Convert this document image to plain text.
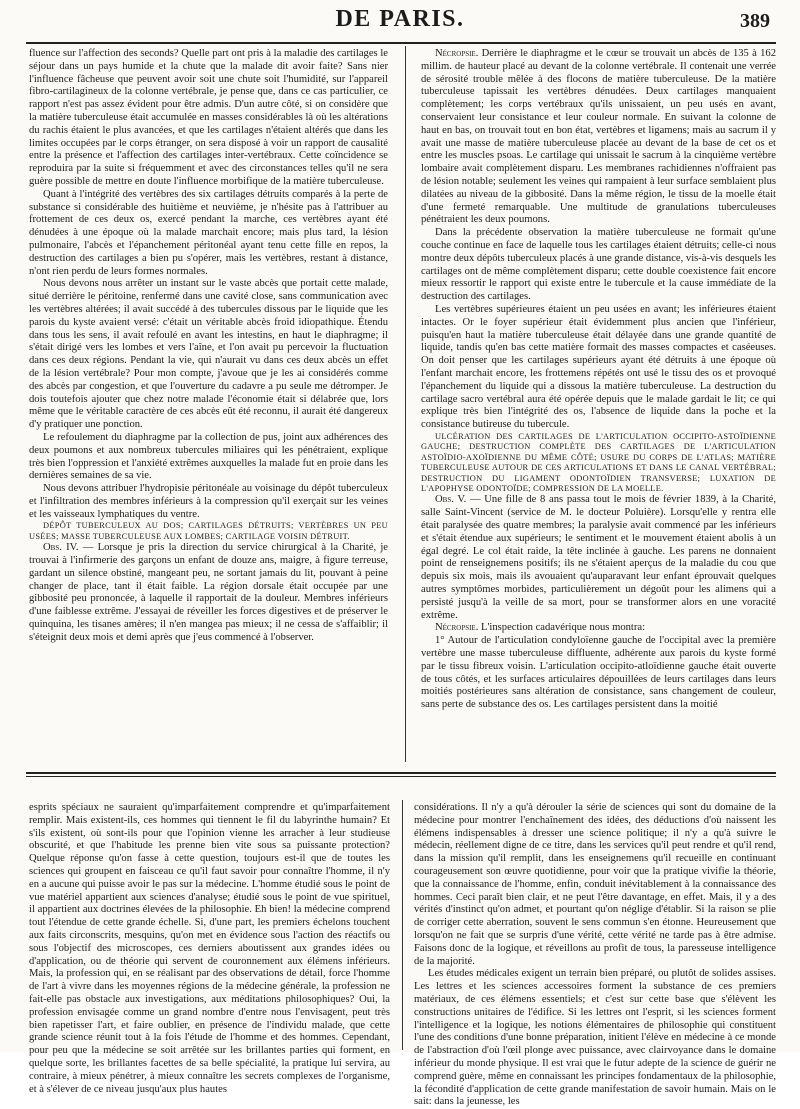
DE PARIS.	389

fluence sur l'affection des seconds? Quelle part ont pris à la maladie des cartilages le séjour dans un pays humide et la chute que la malade dit avoir faite? Sans nier l'influence fâcheuse que peuvent avoir soit une chute soit l'humidité, sur l'appareil fibro-cartilagineux de la colonne vertébrale, je pense que, dans ce cas particulier, ce rapport n'est pas assez évident pour être admis. D'un autre côté, si on considère que la matière tuberculeuse était accumulée en masses considérables là où les altérations du rachis étaient le plus avancées, et que les cartilages n'étaient altérés que dans les limites occupées par le corps étranger, on sera disposé à voir un rapport de causalité entre la présence et l'affection des cartilages inter-vertébraux. Cette coïncidence se reproduira par la suite si fréquemment et avec des circonstances telles qu'il ne sera guère possible de mettre en doute l'influence morbifique de la matière tuberculeuse.

Quant à l'intégrité des vertèbres des six cartilages détruits comparés à la perte de substance si considérable des huitième et neuvième, je n'hésite pas à l'attribuer au frottement de ces deux os, exercé pendant la marche, ces vertèbres ayant été dénudées à une époque où la malade marchait encore; mais plus tard, la lésion pulmonaire, l'abcès et l'épanchement péritonéal ayant tenu cette fille en repos, la destruction des cartilages a bien pu s'opérer, mais les vertèbres, restant à distance, n'ont rien perdu de leurs formes normales.

Nous devons nous arrêter un instant sur le vaste abcès que portait cette malade, situé derrière le péritoine, renfermé dans une cavité close, sans communication avec les vertèbres altérées; il avait succédé à des tubercules dissous par le liquide que les parois du kyste avaient versé: c'était un véritable abcès froid idiopathique. Étendu dans tous les sens, il avait refoulé en avant les intestins, en haut le diaphragme; il s'était dirigé vers les lombes et vers l'aîne, et l'on avait pu percevoir la fluctuation dans ces deux régions. Pendant la vie, qui n'aurait vu dans ces deux abcès un effet de la lésion vertébrale? Pour mon compte, j'avoue que je les ai considérés comme des abcès par congestion, et que l'ouverture du cadavre a pu seule me détromper. Je dois toutefois ajouter que chez notre malade l'économie était si délabrée que, lors même que le véritable caractère de ces abcès eût été reconnu, il aurait été dangereux d'y pratiquer une ponction.

Le refoulement du diaphragme par la collection de pus, joint aux adhérences des deux poumons et aux nombreux tubercules miliaires qui les pénétraient, explique très bien l'oppression et l'anxiété extrêmes auxquelles la malade fut en proie dans les dernières semaines de sa vie.

Nous devons attribuer l'hydropisie péritonéale au voisinage du dépôt tuberculeux et l'infiltration des membres inférieurs à la compression qu'il exerçait sur les veines et les vaisseaux lymphatiques du ventre.

DÉPÔT TUBERCULEUX AU DOS; CARTILAGES DÉTRUITS; VERTÈBRES UN PEU USÉES; MASSE TUBERCULEUSE AUX LOMBES; CARTILAGE VOISIN DÉTRUIT.

Obs. IV. — Lorsque je pris la direction du service chirurgical à la Charité, je trouvai à l'infirmerie des garçons un enfant de douze ans, maigre, à figure terreuse, gardant un silence obstiné, mangeant peu, ne sortant jamais du lit, pouvant à peine changer de place, tant il était faible. La région dorsale était occupée par une gibbosité peu prononcée, à laquelle il rapportait de la douleur. Membres inférieurs d'une faiblesse extrême. J'essayai de réveiller les forces digestives et de préserver le quinquina, les tisanes amères; il n'en mangea pas mieux; il ne cessa de s'affaiblir; il s'éteignit deux mois et demi après que j'eus commencé à l'observer.

Nécropsie. Derrière le diaphragme et le cœur se trouvait un abcès de 135 à 162 millim. de hauteur placé au devant de la colonne vertébrale. Il contenait une verrée de sérosité trouble mêlée à des flocons de matière tuberculeuse. De la matière tuberculeuse tapissait les vertèbres dénudées. Deux cartilages manquaient complètement; les corps vertébraux qu'ils unissaient, un peu usés en avant, conservaient leur consistance et leur couleur normale. En suivant la colonne de haut en bas, on trouvait tout en bon état, vertèbres et ligamens; mais au sacrum il y avait une masse de matière tuberculeuse placée au devant de la base de cet os et entre les muscles psoas. Le cartilage qui unissait le sacrum à la cinquième vertèbre lombaire avait complètement disparu. Les membranes rachidiennes n'offraient pas de lésion notable; seulement les veines qui rampaient à leur surface semblaient plus dilatées au niveau de la gibbosité. Dans la même région, le tissu de la moelle était d'une fermeté remarquable. Une multitude de granulations tuberculeuses pénétraient les deux poumons.

Dans la précédente observation la matière tuberculeuse ne formait qu'une couche continue en face de laquelle tous les cartilages étaient détruits; celle-ci nous montre deux dépôts tuberculeux placés à une grande distance, vis-à-vis desquels les cartilages ont de même complètement disparu; cette double coexistence fait encore mieux ressortir le rapport qui existe entre le tubercule et la cause immédiate de la destruction des cartilages.

Les vertèbres supérieures étaient un peu usées en avant; les inférieures étaient intactes. Or le foyer supérieur était évidemment plus ancien que l'inférieur, puisqu'en haut la matière tuberculeuse était délayée dans une grande quantité de liquide, tandis qu'en bas cette matière formait des masses compactes et caséeuses. On doit penser que les cartilages supérieurs ayant été détruits à une époque où l'enfant marchait encore, les frottemens répétés ont usé le tissu des os et provoqué l'épanchement du liquide qui a dissous la matière tuberculeuse. La destruction du cartilage sacro vertébral aura été opérée depuis que le malade gardait le lit; ce qui explique très bien l'intégrité des os, l'absence de liquide dans la poche et la consistance butireuse du tubercule.

ULCÉRATION DES CARTILAGES DE L'ARTICULATION OCCIPITO-ASTOÏDIENNE GAUCHE; DESTRUCTION COMPLÈTE DES CARTILAGES DE L'ARTICULATION ASTOÏDIO-AXOÏDIENNE DU MÊME CÔTÉ; USURE DU CORPS DE L'ATLAS; MATIÈRE TUBERCULEUSE AUTOUR DE CES ARTICULATIONS ET DANS LE CANAL VERTÉBRAL; DESTRUCTION DU LIGAMENT ODONTOÏDIEN TRANSVERSE; LUXATION DE L'APOPHYSE ODONTOÏDE; COMPRESSION DE LA MOELLE.

Obs. V. — Une fille de 8 ans passa tout le mois de février 1839, à la Charité, salle Saint-Vincent (service de M. le docteur Poluière). Lorsqu'elle y rentra elle était paralysée des quatre membres; la paralysie avait commencé par les inférieurs et s'était étendue aux supérieurs; le sentiment et le mouvement étaient abolis à un égal degré. Le col était raide, la tête inclinée à gauche. Les parens ne donnaient point de renseignemens positifs; ils ne s'étaient aperçus de la maladie du cou que depuis six mois, mais ils avouaient qu'auparavant leur enfant éprouvait quelques autres symptômes morbides, particulièrement un dégoût pour les alimens qui a persisté jusqu'à la veille de sa mort, pour se transformer alors en une voracité extrême.

Nécropsie. L'inspection cadavérique nous montra:

1° Autour de l'articulation condyloïenne gauche de l'occipital avec la première vertèbre une masse tuberculeuse diffluente, adhérente aux parois du kyste formé par le tissu fibreux voisin. L'articulation occipito-atloïdienne gauche était ouverte de tous côtés, et les surfaces articulaires dépouillées de leurs cartilages dans leurs moitiés postérieures sans altération de consistance, sans changement de couleur, sans perte de substance des os. Les cartilages persistent dans la moitié

esprits spéciaux ne sauraient qu'imparfaitement comprendre et qu'imparfaitement remplir. Mais existent-ils, ces hommes qui tiennent le fil du labyrinthe humain? Et s'ils existent, où sont-ils pour que l'opinion vienne les arracher à leur studieuse obscurité, et que l'habitude les prenne bien vite sous sa puissante protection? Quelque réponse qu'on fasse à cette question, toujours est-il que de toutes les sciences qui groupent en faisceau ce qu'il faut savoir pour connaître l'homme, il n'y en a aucune qui puisse avoir le pas sur la médecine. L'homme étudié sous le point de vue matériel appartient aux sciences d'analyse; étudié sous le point de vue spirituel, il appartient aux doctrines élevées de la philosophie. Eh bien! la médecine comprend tout l'étendue de cette grande échelle. Si, d'une part, les premiers échelons touchent aux faits circonscrits, mesquins, qu'on met en évidence sous l'action des réactifs ou sous l'objectif des microscopes, ces derniers aboutissent aux grandes idées ou d'application, ou de théorie qui servent de couronnement aux élémens inférieurs. Mais, la profession qui, en se réalisant par des observations de détail, force l'homme de l'art à vivre dans les moyennes régions de la médecine générale, la profession ne fait-elle pas obstacle aux investigations, aux méditations philosophiques? Oui, la profession envisagée comme un grand nombre d'entre nous l'envisagent, peut très bien rapetisser l'art, et faire oublier, en présence de l'individu malade, que cette grande science réunit tout à la fois l'étude de l'homme et des hommes. Cependant, pour peu que la médecine se soit arrêtée sur les brillantes parties qui forment, en quelque sorte, les brillantes facettes de sa belle spécialité, la pratique lui servira, au contraire, à mieux pénétrer, à mieux connaître les secrets complexes de l'organisme, et à s'élever de ce niveau jusqu'aux plus hautes

considérations. Il n'y a qu'à dérouler la série de sciences qui sont du domaine de la médecine pour montrer l'enchaînement des idées, des déductions d'où naissent les élémens indispensables à dresser une science politique; il n'y a qu'à suivre le médecin, réellement digne de ce titre, dans les services qu'il peut rendre et qu'il rend, dans la mission qu'il remplit, dans les enseignemens qu'il recueille en continuant courageusement son œuvre quotidienne, pour voir que la pratique vivifie la théorie, que la connaissance de l'homme, enfin, conduit inévitablement à la connaissance des hommes. Ceci paraît bien clair, et ne peut l'être davantage, en effet. Mais, il y a des vérités d'instinct qu'on admet, et pourtant qu'on néglige d'établir. Si la raison se plie de corriger cette aberration, souvent le sens commun s'en étonne. Heureusement que lorsqu'on ne fait que se surpris d'une vérité, cette vérité ne tarde pas à être admise. Faisons donc de la logique, et réveillons au profit de tous, la paresseuse intelligence de la majorité.

Les études médicales exigent un terrain bien préparé, ou plutôt de solides assises. Les lettres et les sciences accessoires forment la substance de ces premiers matériaux, de ces élémens essentiels; et c'est sur cette base que s'élèvent les constructions unitaires de l'édifice. Si les lettres ont l'esprit, si les sciences forment l'intelligence et la logique, les notions élémentaires de philosophie qui constituent l'une des conditions d'une bonne préparation, initient l'élève en médecine à ce monde de l'abstraction d'où l'œil plonge avec puissance, avec clairvoyance dans le domaine inférieur du monde physique. Il est vrai que le futur adepte de la science de guérir ne comprend guère, même en connaissant les principes fondamentaux de la philosophie, la fécondité d'application de cette grande manifestation de savoir humain. Mais on le sait: dans la jeunesse, les
